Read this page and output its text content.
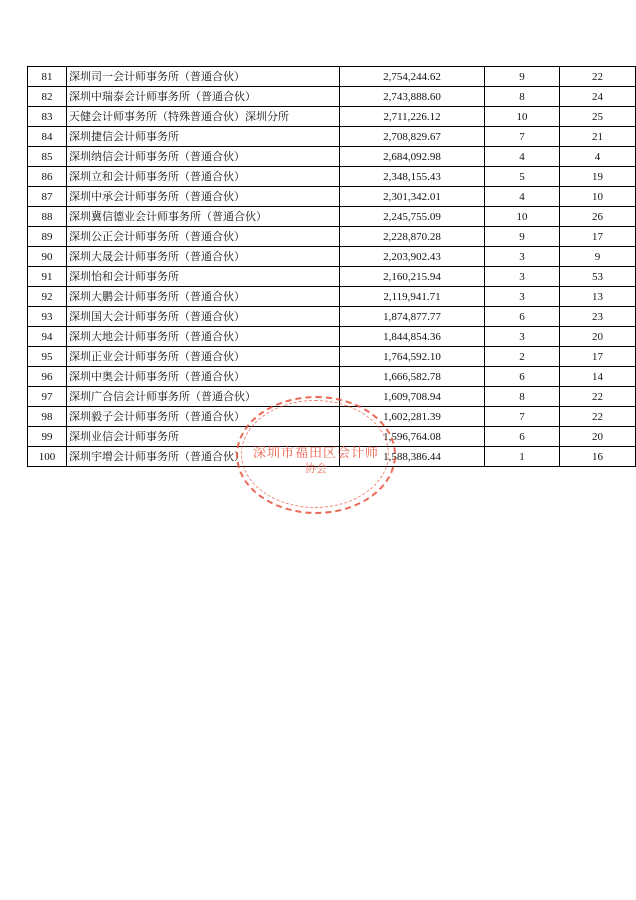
81	深圳司一会计师事务所（普通合伙）	2,754,244.62	9	22
82	深圳中瑞泰会计师事务所（普通合伙）	2,743,888.60	8	24
83	天健会计师事务所（特殊普通合伙）深圳分所	2,711,226.12	10	25
84	深圳捷信会计师事务所	2,708,829.67	7	21
85	深圳纳信会计师事务所（普通合伙）	2,684,092.98	4	4
86	深圳立和会计师事务所（普通合伙）	2,348,155.43	5	19
87	深圳中承会计师事务所（普通合伙）	2,301,342.01	4	10
88	深圳冀信德业会计师事务所（普通合伙）	2,245,755.09	10	26
89	深圳公正会计师事务所（普通合伙）	2,228,870.28	9	17
90	深圳大晟会计师事务所（普通合伙）	2,203,902.43	3	9
91	深圳怡和会计师事务所	2,160,215.94	3	53
92	深圳大鹏会计师事务所（普通合伙）	2,119,941.71	3	13
93	深圳国大会计师事务所（普通合伙）	1,874,877.77	6	23
94	深圳大地会计师事务所（普通合伙）	1,844,854.36	3	20
95	深圳正业会计师事务所（普通合伙）	1,764,592.10	2	17
96	深圳中奥会计师事务所（普通合伙）	1,666,582.78	6	14
97	深圳广合信会计师事务所（普通合伙）	1,609,708.94	8	22
98	深圳毅子会计师事务所（普通合伙）	1,602,281.39	7	22
99	深圳业信会计师事务所	1,596,764.08	6	20
100	深圳宇增会计师事务所（普通合伙）	1,588,386.44	1	16
深圳市福田区会计师
协会
